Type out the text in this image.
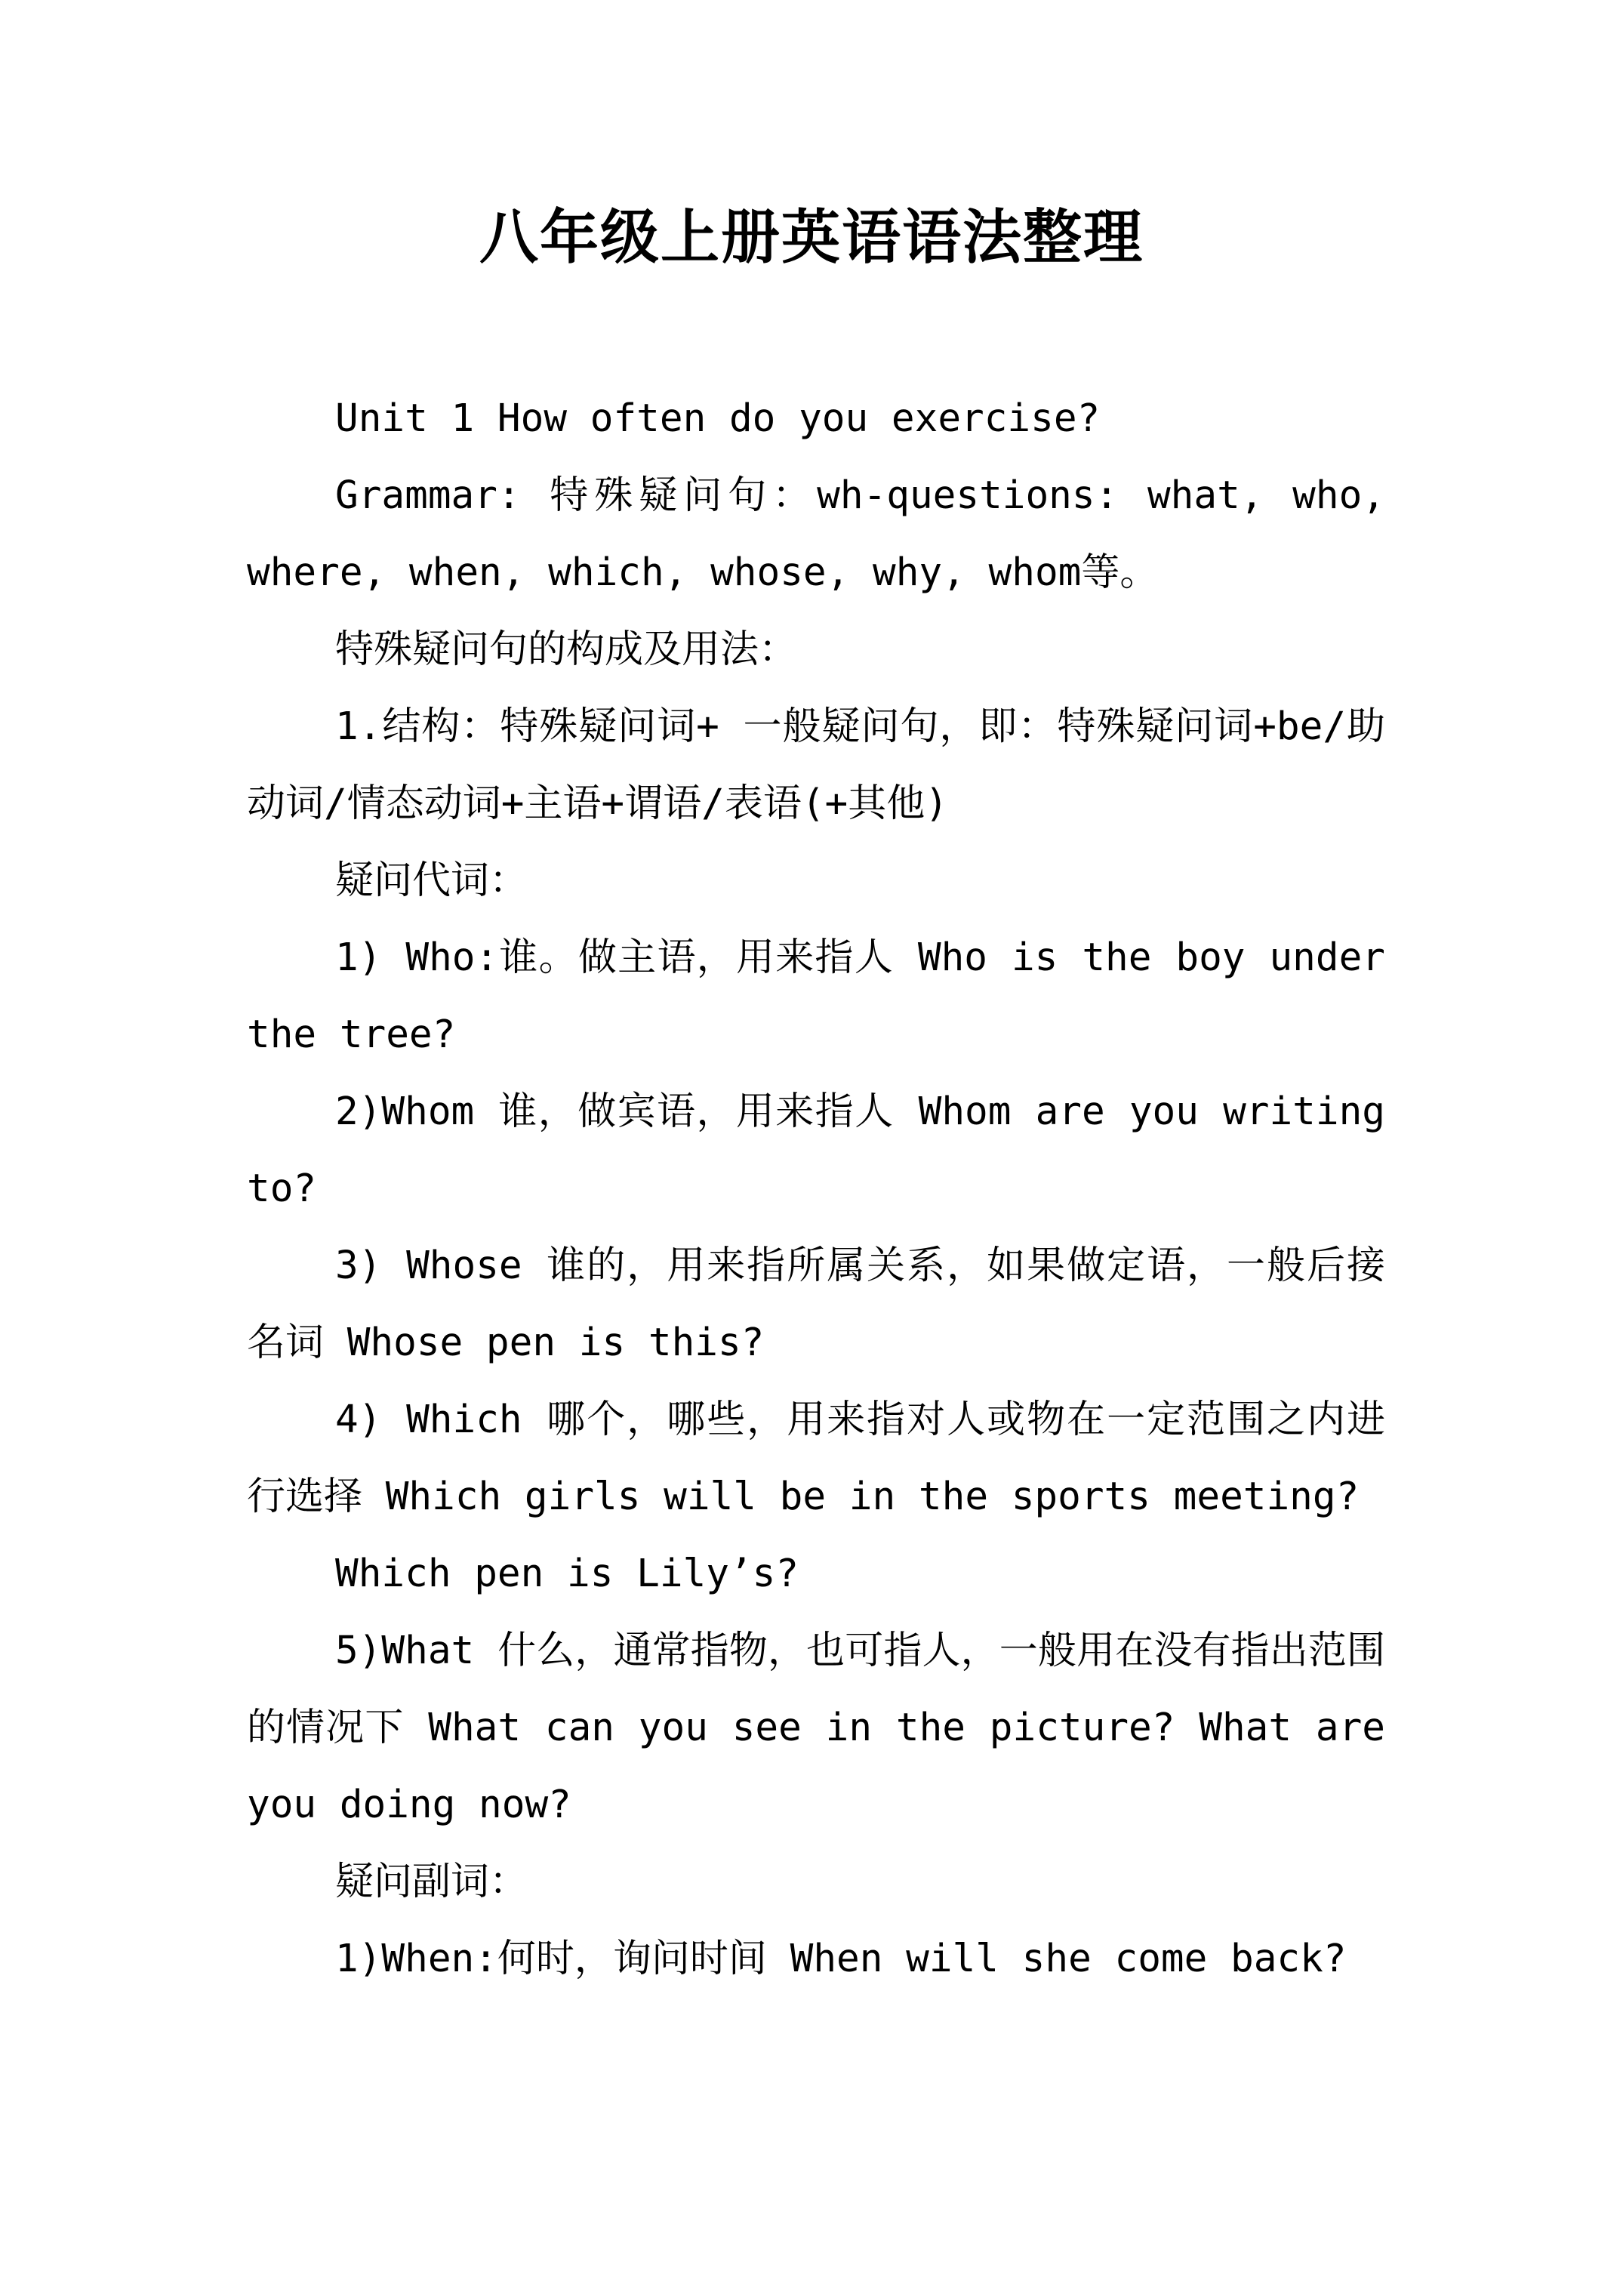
八年级上册英语语法整理

Unit 1 How often do you exercise?

Grammar: 特殊疑问句：wh-questions: what, who, where, when, which, whose, why, whom等。

特殊疑问句的构成及用法：

1.结构：特殊疑问词+ 一般疑问句，即：特殊疑问词+be/助动词/情态动词+主语+谓语/表语(+其他)

疑问代词：

1) Who:谁。做主语，用来指人 Who is the boy under the tree?

2)Whom 谁，做宾语，用来指人 Whom are you writing to?

3) Whose 谁的，用来指所属关系，如果做定语，一般后接名词 Whose pen is this?

4) Which 哪个，哪些，用来指对人或物在一定范围之内进行选择 Which girls will be in the sports meeting?

Which pen is Lily’s?

5)What 什么，通常指物，也可指人，一般用在没有指出范围的情况下 What can you see in the picture? What are you doing now?

疑问副词：

1)When:何时，询问时间 When will she come back?
